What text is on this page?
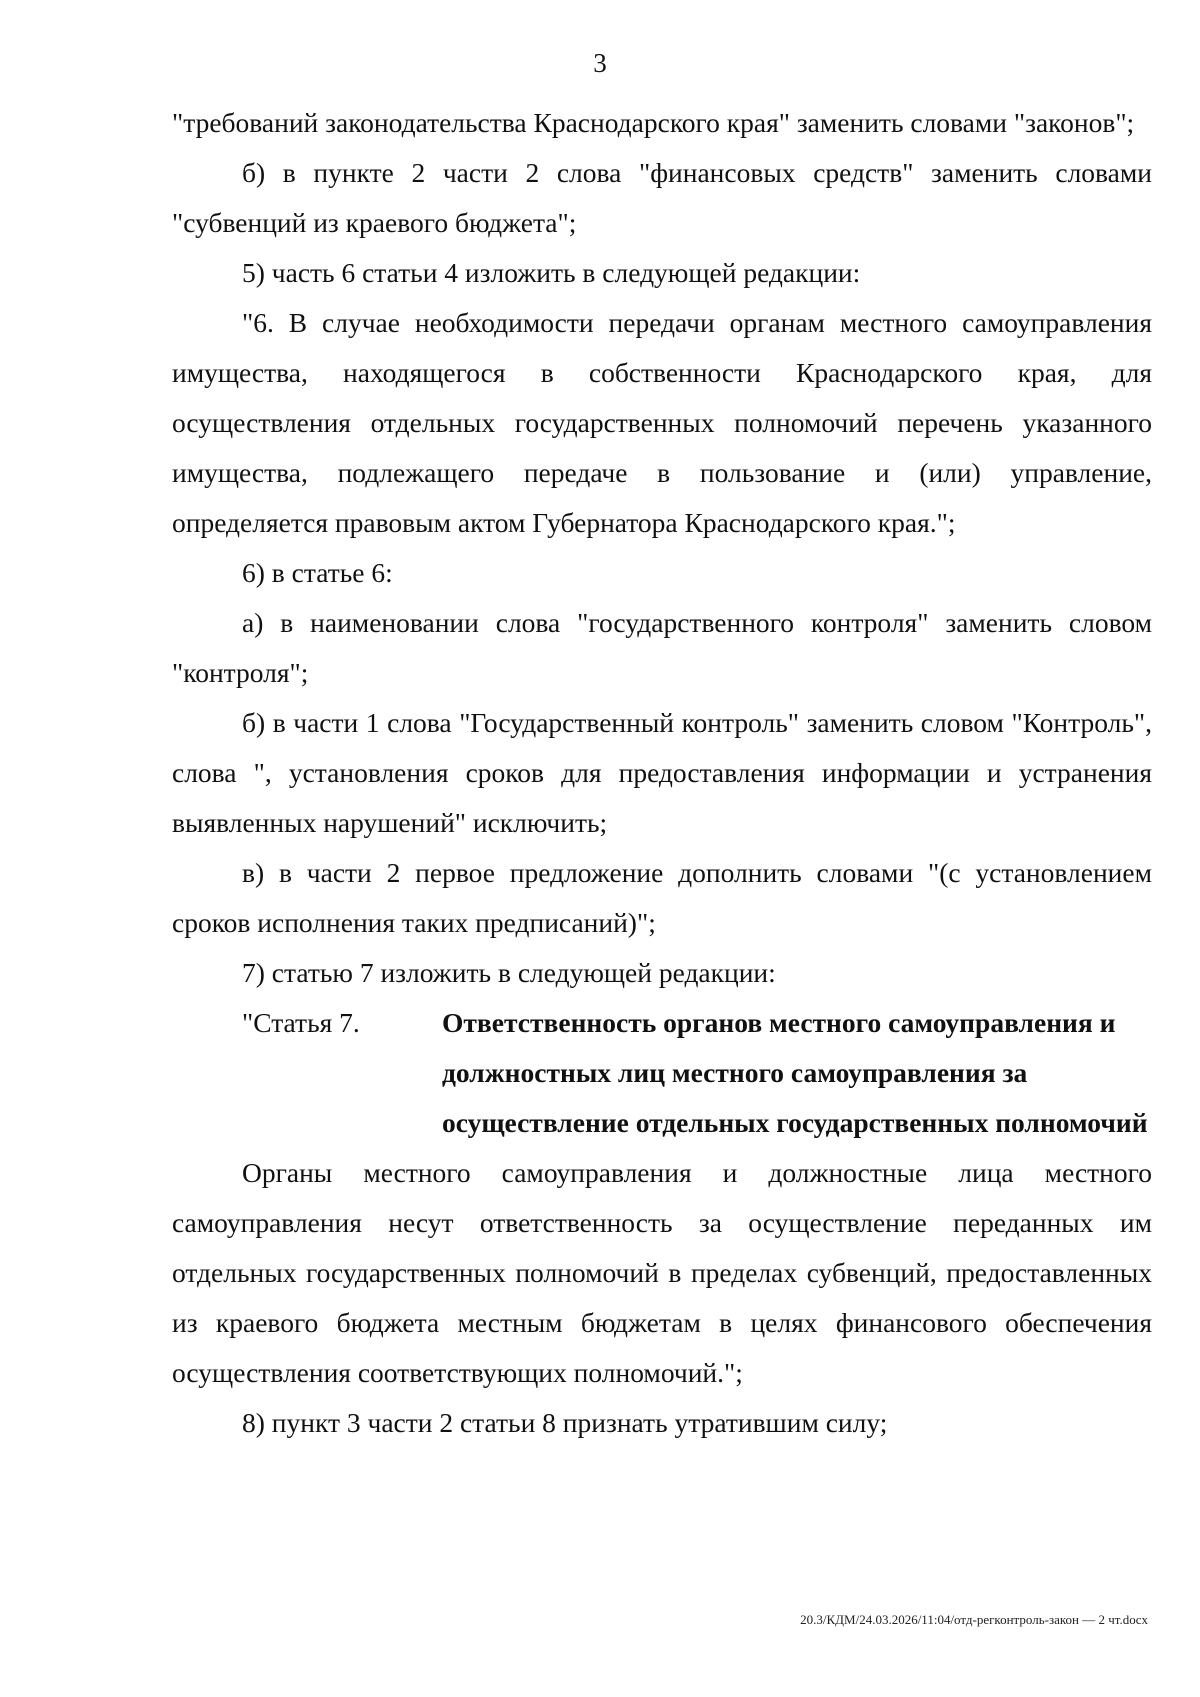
3

"требований законодательства Краснодарского края" заменить словами "законов";

б) в пункте 2 части 2 слова "финансовых средств" заменить словами "субвенций из краевого бюджета";

5) часть 6 статьи 4 изложить в следующей редакции:

"6. В случае необходимости передачи органам местного самоуправления имущества, находящегося в собственности Краснодарского края, для осуществления отдельных государственных полномочий перечень указанного имущества, подлежащего передаче в пользование и (или) управление, определяется правовым актом Губернатора Краснодарского края.";

6) в статье 6:

а) в наименовании слова "государственного контроля" заменить словом "контроля";

б) в части 1 слова "Государственный контроль" заменить словом "Контроль", слова ", установления сроков для предоставления информации и устранения выявленных нарушений" исключить;

в) в части 2 первое предложение дополнить словами "(с установлением сроков исполнения таких предписаний)";

7) статью 7 изложить в следующей редакции:

"Статья 7.	Ответственность органов местного самоуправления и должностных лиц местного самоуправления за осуществление отдельных государственных полномочий

Органы местного самоуправления и должностные лица местного самоуправления несут ответственность за осуществление переданных им отдельных государственных полномочий в пределах субвенций, предоставленных из краевого бюджета местным бюджетам в целях финансового обеспечения осуществления соответствующих полномочий.";

8) пункт 3 части 2 статьи 8 признать утратившим силу;

20.3/КДМ/24.03.2026/11:04/отд-регконтроль-закон — 2 чт.docx
